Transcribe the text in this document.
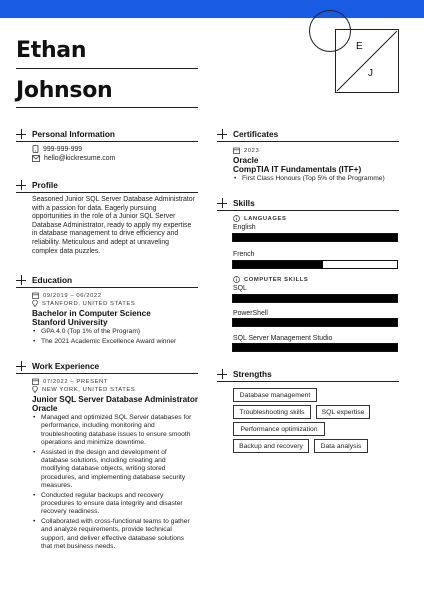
Ethan
Johnson
E
J
Personal Information
999-999-999
hello@kickresume.com
Profile
Seasoned Junior SQL Server Database Administrator
with a passion for data. Eagerly pursuing
opportunities in the role of a Junior SQL Server
Database Administrator, ready to apply my expertise
in database management to drive efficiency and
reliability. Meticulous and adept at unraveling
complex data puzzles.
Education
09/2019 – 06/2022
STANFORD, UNITED STATES
Bachelor in Computer Science
Stanford University
• GPA 4.0 (Top 1% of the Program)
• The 2021 Academic Excellence Award winner
Work Experience
07/2022 – PRESENT
NEW YORK, UNITED STATES
Junior SQL Server Database Administrator
Oracle
• Managed and optimized SQL Server databases for
performance, including monitoring and
troubleshooting database issues to ensure smooth
operations and minimize downtime.
• Assisted in the design and development of
database solutions, including creating and
modifying database objects, writing stored
procedures, and implementing database security
measures.
• Conducted regular backups and recovery
procedures to ensure data integrity and disaster
recovery readiness.
• Collaborated with cross-functional teams to gather
and analyze requirements, provide technical
support, and deliver effective database solutions
that met business needs.
Certificates
2023
Oracle
CompTIA IT Fundamentals (ITF+)
• First Class Honours (Top 5% of the Programme)
Skills
LANGUAGES
English
French
COMPUTER SKILLS
SQL
PowerShell
SQL Server Management Studio
Strengths
Database management
Troubleshooting skills	SQL expertise
Performance optimization
Backup and recovery	Data analysis
